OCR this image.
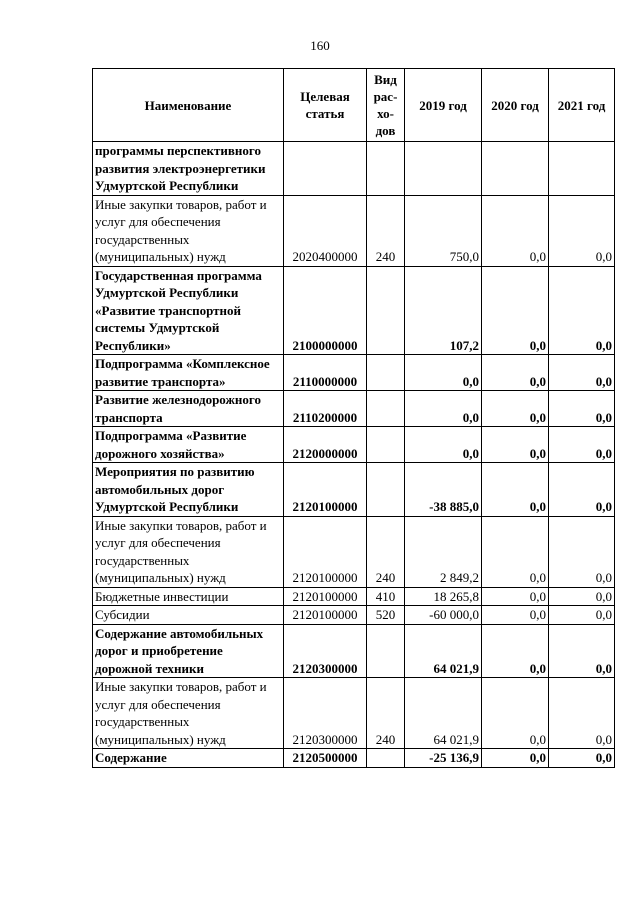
160
Наименование	Целевая статья	Вид рас- хо- дов	2019 год	2020 год	2021 год
программы перспективного развития электроэнергетики Удмуртской Республики					
Иные закупки товаров, работ и услуг для обеспечения государственных (муниципальных) нужд	2020400000	240	750,0	0,0	0,0
Государственная программа Удмуртской Республики «Развитие транспортной системы Удмуртской Республики»	2100000000		107,2	0,0	0,0
Подпрограмма «Комплексное развитие транспорта»	2110000000		0,0	0,0	0,0
Развитие железнодорожного транспорта	2110200000		0,0	0,0	0,0
Подпрограмма «Развитие дорожного хозяйства»	2120000000		0,0	0,0	0,0
Мероприятия по развитию автомобильных дорог Удмуртской Республики	2120100000		-38 885,0	0,0	0,0
Иные закупки товаров, работ и услуг для обеспечения государственных (муниципальных) нужд	2120100000	240	2 849,2	0,0	0,0
Бюджетные инвестиции	2120100000	410	18 265,8	0,0	0,0
Субсидии	2120100000	520	-60 000,0	0,0	0,0
Содержание автомобильных дорог и приобретение дорожной техники	2120300000		64 021,9	0,0	0,0
Иные закупки товаров, работ и услуг для обеспечения государственных (муниципальных) нужд	2120300000	240	64 021,9	0,0	0,0
Содержание	2120500000		-25 136,9	0,0	0,0
